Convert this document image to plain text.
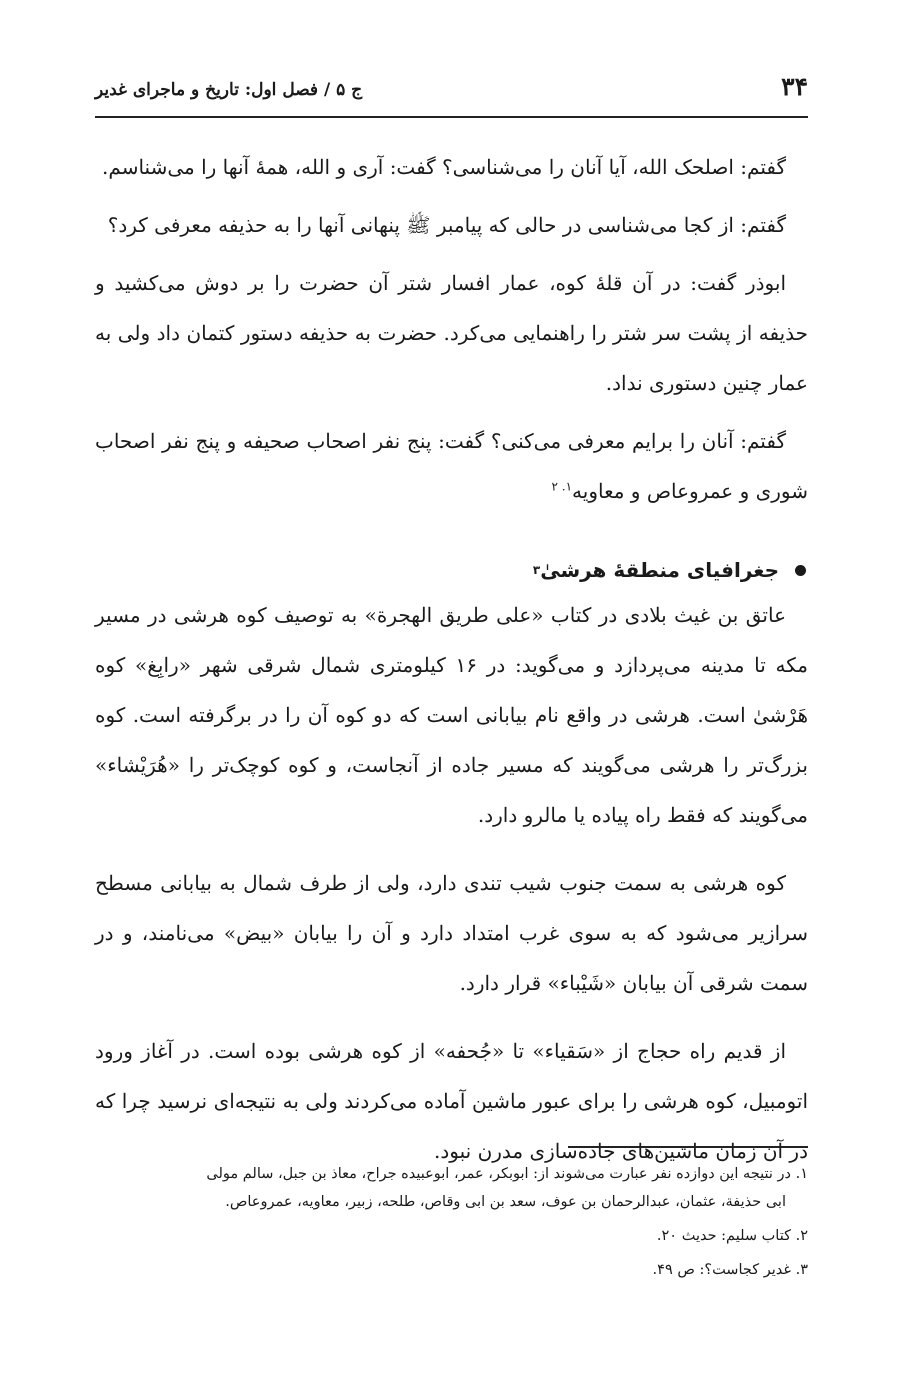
۳۴
ج ۵ / فصل اول: تاریخ و ماجرای غدیر

گفتم: اصلحک الله، آیا آنان را می‌شناسی؟ گفت: آری و الله، همهٔ آنها را می‌شناسم.

گفتم: از کجا می‌شناسی در حالی که پیامبر ﷺ پنهانی آنها را به حذیفه معرفی کرد؟

ابوذر گفت: در آن قلهٔ کوه، عمار افسار شتر آن حضرت را بر دوش می‌کشید و حذیفه از پشت سر شتر را راهنمایی می‌کرد. حضرت به حذیفه دستور کتمان داد ولی به عمار چنین دستوری نداد.

گفتم: آنان را برایم معرفی می‌کنی؟ گفت: پنج نفر اصحاب صحیفه و پنج نفر اصحاب شوری و عمروعاص و معاویه$^{۱. ۲}$

جغرافیای منطقهٔ هرشیٰ
۳

عاتق بن غیث بلادی در کتاب «علی طریق الهجرة» به توصیف کوه هرشی در مسیر مکه تا مدینه می‌پردازد و می‌گوید: در ۱۶ کیلومتری شمال شرقی شهر «رابِغ» کوه هَرْشیٰ است. هرشی در واقع نام بیابانی است که دو کوه آن را در برگرفته است. کوه بزرگ‌تر را هرشی می‌گویند که مسیر جاده از آنجاست، و کوه کوچک‌تر را «هُرَیْشاء» می‌گویند که فقط راه پیاده یا مالرو دارد.

کوه هرشی به سمت جنوب شیب تندی دارد، ولی از طرف شمال به بیابانی مسطح سرازیر می‌شود که به سوی غرب امتداد دارد و آن را بیابان «بیض» می‌نامند، و در سمت شرقی آن بیابان «شَیْباء» قرار دارد.

از قدیم راه حجاج از «سَقیاء» تا «جُحفه» از کوه هرشی بوده است. در آغاز ورود اتومبیل، کوه هرشی را برای عبور ماشین آماده می‌کردند ولی به نتیجه‌ای نرسید چرا که در آن زمان ماشین‌های جاده‌سازی مدرن نبود.

۱. در نتیجه این دوازده نفر عبارت می‌شوند از: ابوبکر، عمر، ابوعبیده جراح، معاذ بن جبل، سالم مولی
ابی حذیفة، عثمان، عبدالرحمان بن عوف، سعد بن ابی وقاص، طلحه، زبیر، معاویه، عمروعاص.

۲. کتاب سلیم: حدیث ۲۰.

۳. غدیر کجاست؟: ص ۴۹.
